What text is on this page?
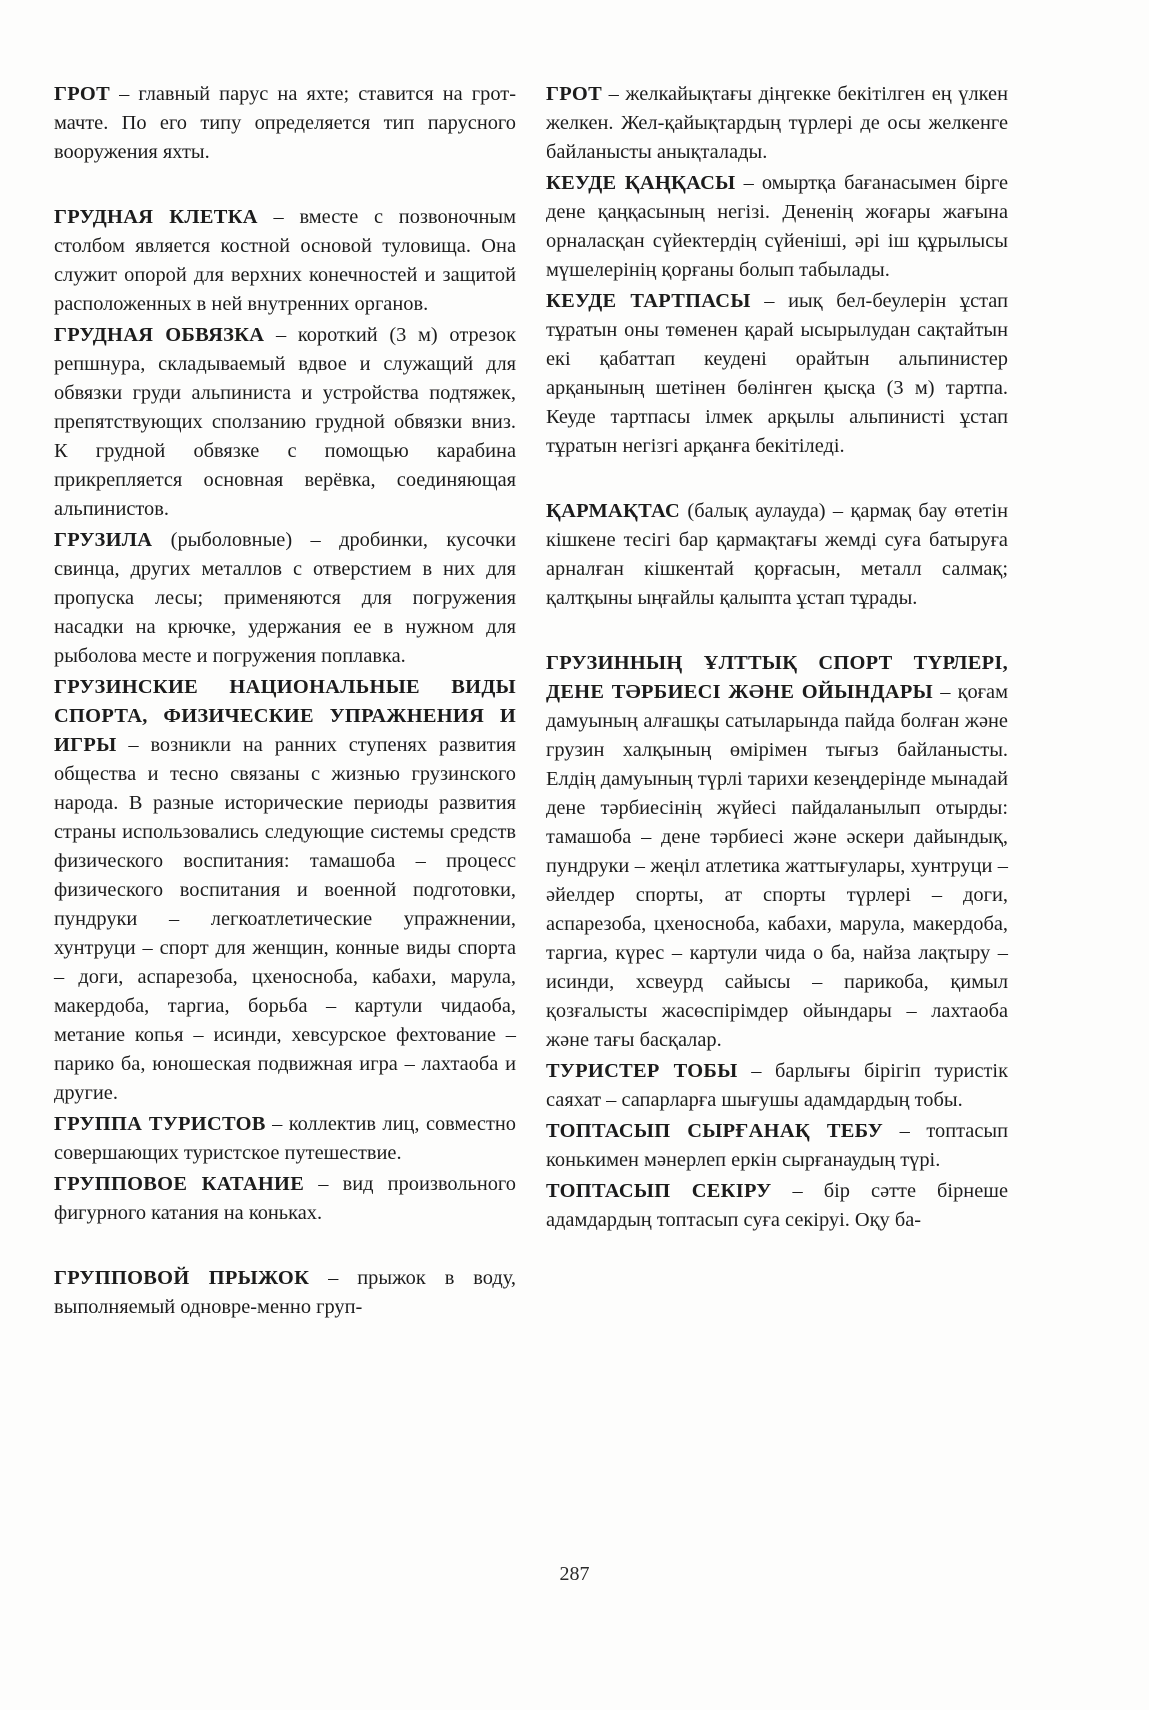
ГРОТ – главный парус на яхте; ставится на грот-мачте. По его типу определяется тип парусного вооружения яхты.

ГРУДНАЯ КЛЕТКА – вместе с позвоночным столбом является костной основой туловища. Она служит опорой для верхних конечностей и защитой расположенных в ней внутренних органов.

ГРУДНАЯ ОБВЯЗКА – короткий (3 м) отрезок репшнура, складываемый вдвое и служащий для обвязки груди альпиниста и устройства подтяжек, препятствующих сползанию грудной обвязки вниз. К грудной обвязке с помощью карабина прикрепляется основная верёвка, соединяющая альпинистов.

ГРУЗИЛА (рыболовные) – дробинки, кусочки свинца, других металлов с отверстием в них для пропуска лесы; применяются для погружения насадки на крючке, удержания ее в нужном для рыболова месте и погружения поплавка.

ГРУЗИНСКИЕ НАЦИОНАЛЬНЫЕ ВИДЫ СПОРТА, ФИЗИЧЕСКИЕ УПРАЖНЕНИЯ И ИГРЫ – возникли на ранних ступенях развития общества и тесно связаны с жизнью грузинского народа. В разные исторические периоды развития страны использовались следующие системы средств физического воспитания: тамашоба – процесс физического воспитания и военной подготовки, пундруки – легкоатлетические упражнении, хунтруци – спорт для женщин, конные виды спорта – доги, аспарезоба, цхеносноба, кабахи, марула, макердоба, таргиа, борьба – картули чидаоба, метание копья – исинди, хевсурское фехтование – парико ба, юношеская подвижная игра – лахтаоба и другие.

ГРУППА ТУРИСТОВ – коллектив лиц, совместно совершающих туристское путешествие.

ГРУППОВОЕ КАТАНИЕ – вид произвольного фигурного катания на коньках.

ГРУППОВОЙ ПРЫЖОК – прыжок в воду, выполняемый одновре-менно груп-

ГРОТ – желкайықтағы діңгекке бекітілген ең үлкен желкен. Жел-қайықтардың түрлері де осы желкенге байланысты анықталады.

КЕУДЕ ҚАҢҚАСЫ – омыртқа бағанасымен бірге дене қаңқасының негізі. Дененің жоғары жағына орналасқан сүйектердің сүйеніші, әрі іш құрылысы мүшелерінің қорғаны болып табылады.

КЕУДЕ ТАРТПАСЫ – иық бел-беулерін ұстап тұратын оны төменен қарай ысырылудан сақтайтын екі қабаттап кеудені орайтын альпинистер арқанының шетінен бөлінген қысқа (3 м) тартпа. Кеуде тартпасы ілмек арқылы альпинисті ұстап тұратын негізгі арқанға бекітіледі.

ҚАРМАҚТАС (балық аулауда) – қармақ бау өтетін кішкене тесігі бар қармақтағы жемді суға батыруға арналған кішкентай қорғасын, металл салмақ; қалтқыны ыңғайлы қалыпта ұстап тұрады.

ГРУЗИННЫҢ ҰЛТТЫҚ СПОРТ ТҮРЛЕРІ, ДЕНЕ ТӘРБИЕСІ ЖӘНЕ ОЙЫНДАРЫ – қоғам дамуының алғашқы сатыларында пайда болған және грузин халқының өмірімен тығыз байланысты. Елдің дамуының түрлі тарихи кезеңдерінде мынадай дене тәрбиесінің жүйесі пайдаланылып отырды: тамашоба – дене тәрбиесі және әскери дайындық, пундруки – жеңіл атлетика жаттығулары, хунтруци – әйелдер спорты, ат спорты түрлері – доги, аспарезоба, цхеносноба, кабахи, марула, макердоба, таргиа, күрес – картули чида о ба, найза лақтыру – исинди, хсвеурд сайысы – парикоба, қимыл қозғалысты жасөспірімдер ойындары – лахтаоба және тағы басқалар.

ТУРИСТЕР ТОБЫ – барлығы бірігіп туристік саяхат – сапарларға шығушы адамдардың тобы.

ТОПТАСЫП СЫРҒАНАҚ ТЕБУ – топтасып конькимен мәнерлеп еркін сырғанаудың түрі.

ТОПТАСЫП СЕКІРУ – бір сәтте бірнеше адамдардың топтасып суға секіруі. Оқу ба-

287
